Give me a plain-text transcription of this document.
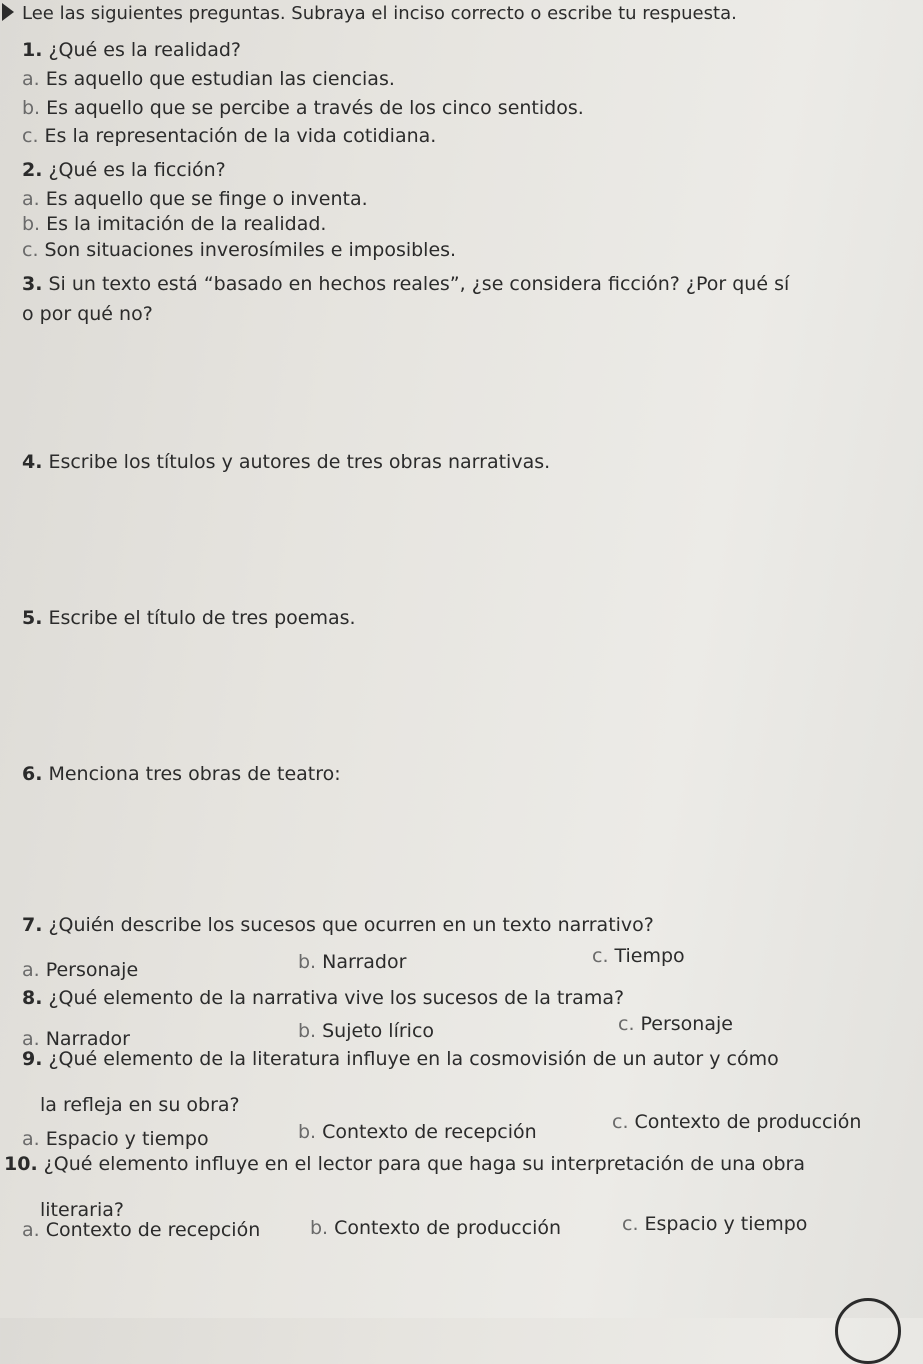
Lee las siguientes preguntas. Subraya el inciso correcto o escribe tu respuesta.
1. ¿Qué es la realidad?
a. Es aquello que estudian las ciencias.
b. Es aquello que se percibe a través de los cinco sentidos.
c. Es la representación de la vida cotidiana.
2. ¿Qué es la ficción?
a. Es aquello que se finge o inventa.
b. Es la imitación de la realidad.
c. Son situaciones inverosímiles e imposibles.
3. Si un texto está “basado en hechos reales”, ¿se considera ficción? ¿Por qué sí
o por qué no?
4. Escribe los títulos y autores de tres obras narrativas.
5. Escribe el título de tres poemas.
6. Menciona tres obras de teatro:
7. ¿Quién describe los sucesos que ocurren en un texto narrativo?
a. Personaje	b. Narrador	c. Tiempo
8. ¿Qué elemento de la narrativa vive los sucesos de la trama?
a. Narrador	b. Sujeto lírico	c. Personaje
9. ¿Qué elemento de la literatura influye en la cosmovisión de un autor y cómo
la refleja en su obra?
a. Espacio y tiempo	b. Contexto de recepción	c. Contexto de producción
10. ¿Qué elemento influye en el lector para que haga su interpretación de una obra
literaria?
a. Contexto de recepción	b. Contexto de producción	c. Espacio y tiempo
